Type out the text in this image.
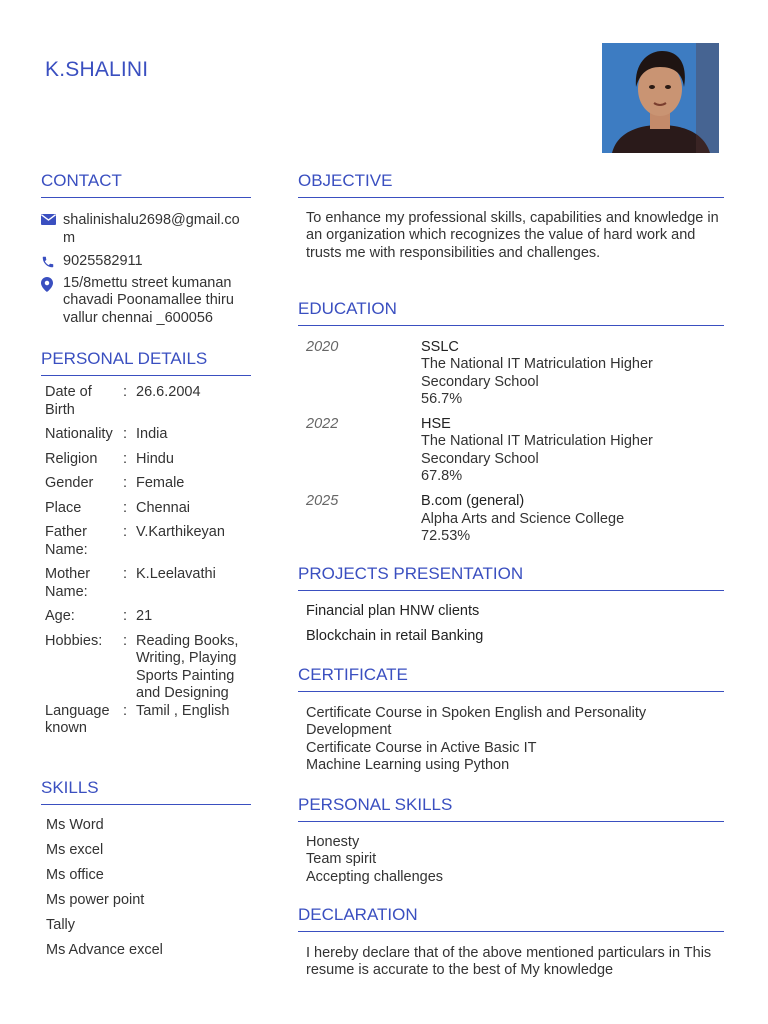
K.SHALINI
CONTACT
shalinishalu2698@gmail.com
9025582911
15/8mettu street kumanan chavadi Poonamallee thiru vallur chennai _600056
PERSONAL DETAILS
Date of Birth
: 26.6.2004
Nationality : India
Religion	: Hindu
Gender	: Female
Place	: Chennai
Father Name:
: V.Karthikeyan
Mother Name:
: K.Leelavathi
Age:	: 21
Hobbies:	: Reading Books, Writing, Playing Sports Painting and Designing
Language known
: Tamil , English
SKILLS
Ms Word
Ms excel
Ms office
Ms power point
Tally
Ms Advance excel
OBJECTIVE
To enhance my professional skills, capabilities and knowledge in an organization which recognizes the value of hard work and trusts me with responsibilities and challenges.
EDUCATION
2020	SSLC
The National IT Matriculation Higher Secondary School
56.7%
2022	HSE
The National IT Matriculation Higher Secondary School
67.8%
2025	B.com (general)
Alpha Arts and Science College
72.53%
PROJECTS PRESENTATION
Financial plan HNW clients
Blockchain in retail Banking
CERTIFICATE
Certificate Course in Spoken English and Personality Development
Certificate Course in Active Basic IT
Machine Learning using Python
PERSONAL SKILLS
Honesty
Team spirit
Accepting challenges
DECLARATION
I hereby declare that of the above mentioned particulars in This resume is accurate to the best of My knowledge
